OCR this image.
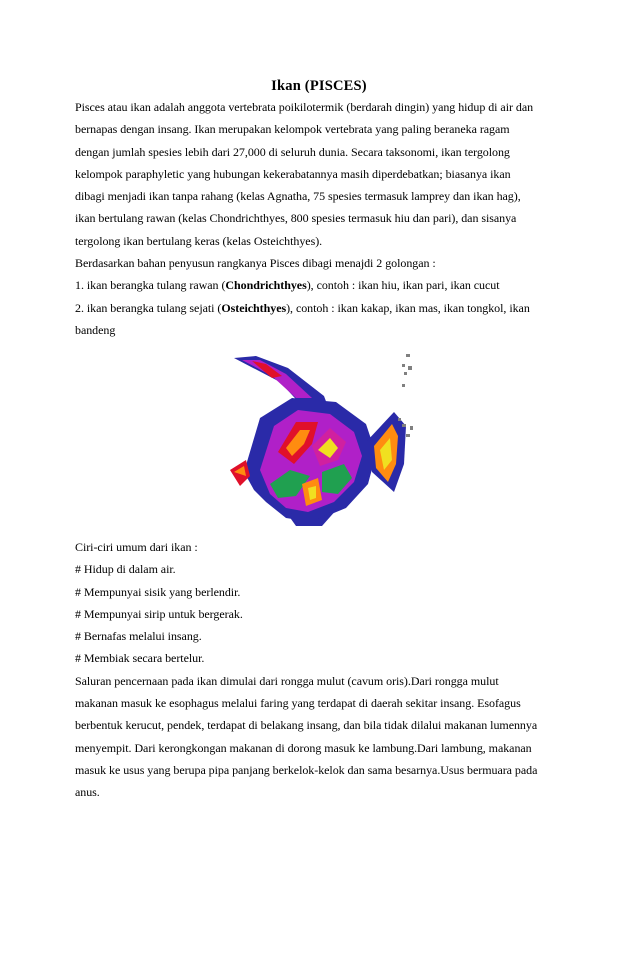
Ikan (PISCES)
Pisces atau ikan adalah anggota vertebrata poikilotermik (berdarah dingin) yang hidup di air dan
bernapas dengan insang. Ikan merupakan kelompok vertebrata yang paling beraneka ragam
dengan jumlah spesies lebih dari 27,000 di seluruh dunia. Secara taksonomi, ikan tergolong
kelompok paraphyletic yang hubungan kekerabatannya masih diperdebatkan; biasanya ikan
dibagi menjadi ikan tanpa rahang (kelas Agnatha, 75 spesies termasuk lamprey dan ikan hag),
ikan bertulang rawan (kelas Chondrichthyes, 800 spesies termasuk hiu dan pari), dan sisanya
tergolong ikan bertulang keras (kelas Osteichthyes).
Berdasarkan bahan penyusun rangkanya Pisces dibagi menajdi 2 golongan :
1. ikan berangka tulang rawan (Chondrichthyes), contoh : ikan hiu, ikan pari, ikan cucut
2. ikan berangka tulang sejati (Osteichthyes), contoh : ikan kakap, ikan mas, ikan tongkol, ikan
bandeng
Ciri-ciri umum dari ikan :
# Hidup di dalam air.
# Mempunyai sisik yang berlendir.
# Mempunyai sirip untuk bergerak.
# Bernafas melalui insang.
# Membiak secara bertelur.
Saluran pencernaan pada ikan dimulai dari rongga mulut (cavum oris).Dari rongga mulut
makanan masuk ke esophagus melalui faring yang terdapat di daerah sekitar insang. Esofagus
berbentuk kerucut, pendek, terdapat di belakang insang, dan bila tidak dilalui makanan lumennya
menyempit. Dari kerongkongan makanan di dorong masuk ke lambung.Dari lambung, makanan
masuk ke usus yang berupa pipa panjang berkelok-kelok dan sama besarnya.Usus bermuara pada
anus.
